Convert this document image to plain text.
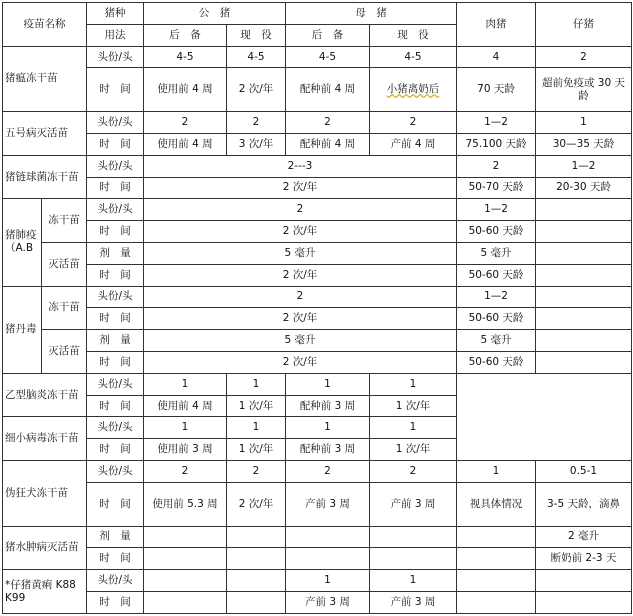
疫苗名称		猪种	公　猪		母　猪		肉猪	仔猪
		用法	后　备	现　役	后　备	现　役		
猪瘟冻干苗		头份/头	4-5	4-5	4-5	4-5	4	2
		时　间	使用前 4 周	2 次/年	配种前 4 周	小猪离奶后	70 天龄	超前免疫或 30 天龄
五号病灭活苗		头份/头	2	2	2	2	1—2	1
		时　间	使用前 4 周	3 次/年	配种前 4 周	产前 4 周	75.100 天龄	30—35 天龄
猪链球菌冻干苗		头份/头	2---3				2	1—2
		时　间	2 次/年				50-70 天龄	20-30 天龄
猪肺疫（A.B	冻干苗	头份/头	2				1—2	
		时　间	2 次/年				50-60 天龄	
	灭活苗	剂　量	5 毫升				5 毫升	
		时　间	2 次/年				50-60 天龄	
猪丹毒	冻干苗	头份/头	2				1—2	
		时　间	2 次/年				50-60 天龄	
	灭活苗	剂　量	5 毫升				5 毫升	
		时　间	2 次/年				50-60 天龄	
乙型脑炎冻干苗		头份/头	1	1	1	1		
		时　间	使用前 4 周	1 次/年	配种前 3 周	1 次/年		
细小病毒冻干苗		头份/头	1	1	1	1		
		时　间	使用前 3 周	1 次/年	配种前 3 周	1 次/年		
伪狂犬冻干苗		头份/头	2	2	2	2	1	0.5-1
		时　间	使用前 5.3 周	2 次/年	产前 3 周	产前 3 周	视具体情况	3-5 天龄，滴鼻
猪水肿病灭活苗		剂　量						2 毫升
		时　间						断奶前 2-3 天
*仔猪黄痢 K88 K99		头份/头			1	1		
		时　间			产前 3 周	产前 3 周		
